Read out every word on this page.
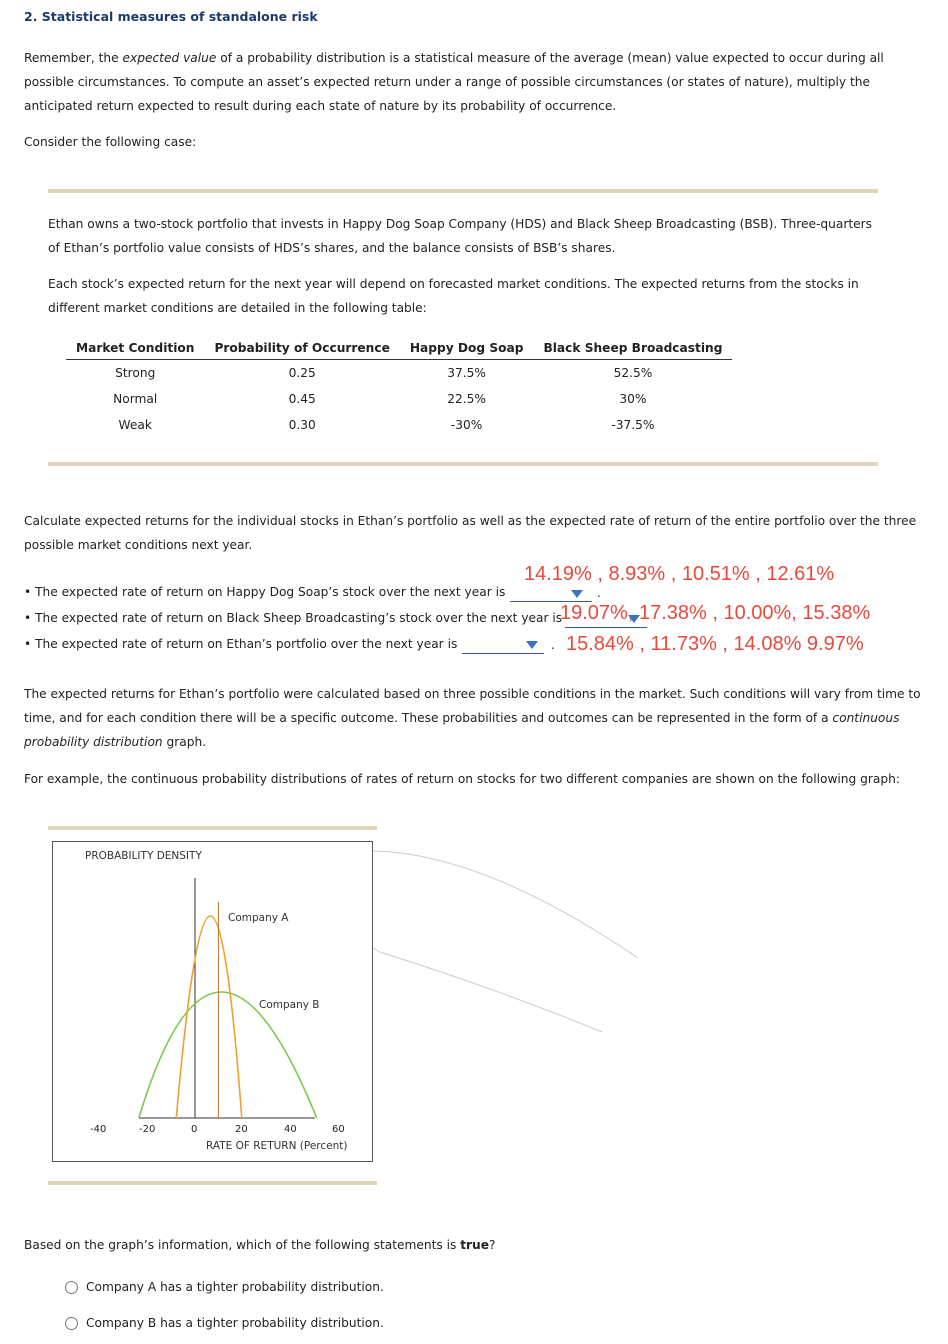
2. Statistical measures of standalone risk
Remember, the expected value of a probability distribution is a statistical measure of the average (mean) value expected to occur during all possible circumstances. To compute an asset’s expected return under a range of possible circumstances (or states of nature), multiply the anticipated return expected to result during each state of nature by its probability of occurrence.
Consider the following case:
Ethan owns a two-stock portfolio that invests in Happy Dog Soap Company (HDS) and Black Sheep Broadcasting (BSB). Three-quarters of Ethan’s portfolio value consists of HDS’s shares, and the balance consists of BSB’s shares.
Each stock’s expected return for the next year will depend on forecasted market conditions. The expected returns from the stocks in different market conditions are detailed in the following table:
Market Condition	Probability of Occurrence	Happy Dog Soap	Black Sheep Broadcasting
Strong	0.25	37.5%	52.5%
Normal	0.45	22.5%	30%
Weak	0.30	-30%	-37.5%
Calculate expected returns for the individual stocks in Ethan’s portfolio as well as the expected rate of return of the entire portfolio over the three possible market conditions next year.
14.19% , 8.93% , 10.51% , 12.61%
19.07%, 17.38% , 10.00%, 15.38%
15.84% , 11.73% , 14.08% 9.97%
• The expected rate of return on Happy Dog Soap’s stock over the next year is	.
• The expected rate of return on Black Sheep Broadcasting’s stock over the next year is
• The expected rate of return on Ethan’s portfolio over the next year is	.
The expected returns for Ethan’s portfolio were calculated based on three possible conditions in the market. Such conditions will vary from time to time, and for each condition there will be a specific outcome. These probabilities and outcomes can be represented in the form of a continuous probability distribution graph.
For example, the continuous probability distributions of rates of return on stocks for two different companies are shown on the following graph:
PROBABILITY DENSITY
Company A
Company B
-40	-20	0	20	40	60
RATE OF RETURN (Percent)
Based on the graph’s information, which of the following statements is true?
Company A has a tighter probability distribution.
Company B has a tighter probability distribution.
